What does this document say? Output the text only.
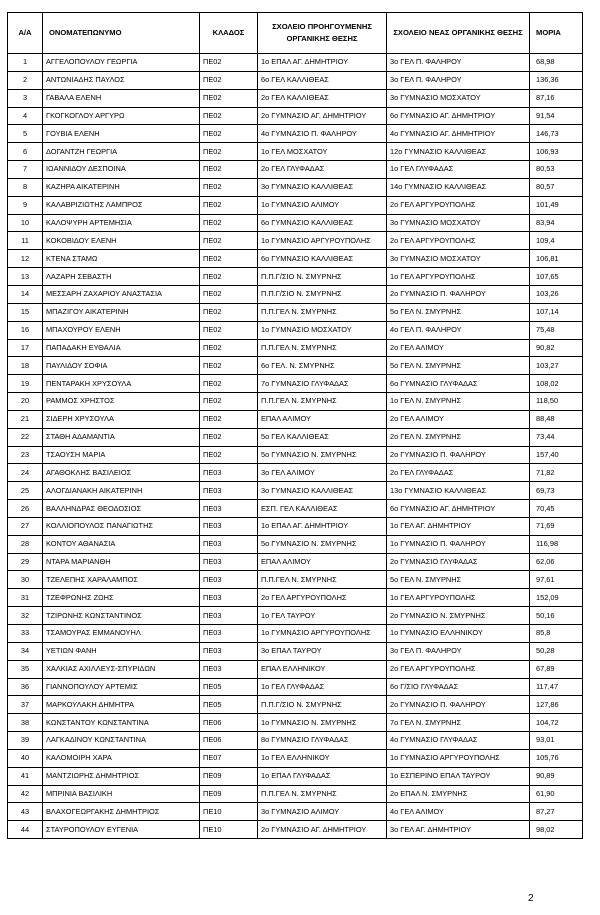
Α/Α	ΟΝΟΜΑΤΕΠΩΝΥΜΟ	ΚΛΑΔΟΣ	ΣΧΟΛΕΙΟ ΠΡΟΗΓΟΥΜΕΝΗΣ ΟΡΓΑΝΙΚΗΣ ΘΕΣΗΣ	ΣΧΟΛΕΙΟ ΝΕΑΣ ΟΡΓΑΝΙΚΗΣ ΘΕΣΗΣ	ΜΟΡΙΑ
1	ΑΓΓΕΛΟΠΟΥΛΟΥ ΓΕΩΡΓΙΑ	ΠΕ02	1ο ΕΠΑΛ ΑΓ. ΔΗΜΗΤΡΙΟΥ	3ο ΓΕΛ Π. ΦΑΛΗΡΟΥ	68,98
2	ΑΝΤΩΝΙΑΔΗΣ ΠΑΥΛΟΣ	ΠΕ02	6ο ΓΕΛ ΚΑΛΛΙΘΕΑΣ	3ο ΓΕΛ Π. ΦΑΛΗΡΟΥ	136,36
3	ΓΑΒΑΛΑ ΕΛΕΝΗ	ΠΕ02	2ο ΓΕΛ ΚΑΛΛΙΘΕΑΣ	3ο ΓΥΜΝΑΣΙΟ ΜΟΣΧΑΤΟΥ	87,16
4	ΓΚΟΓΚΟΓΛΟΥ ΑΡΓΥΡΩ	ΠΕ02	2ο ΓΥΜΝΑΣΙΟ ΑΓ. ΔΗΜΗΤΡΙΟΥ	6ο ΓΥΜΝΑΣΙΟ ΑΓ. ΔΗΜΗΤΡΙΟΥ	91,54
5	ΓΟΥΒΙΑ ΕΛΕΝΗ	ΠΕ02	4ο ΓΥΜΝΑΣΙΟ Π. ΦΑΛΗΡΟΥ	4ο ΓΥΜΝΑΣΙΟ ΑΓ. ΔΗΜΗΤΡΙΟΥ	146,73
6	ΔΟΓΑΝΤΖΗ ΓΕΩΡΓΙΑ	ΠΕ02	1ο ΓΕΛ ΜΟΣΧΑΤΟΥ	12ο ΓΥΜΝΑΣΙΟ ΚΑΛΛΙΘΕΑΣ	106,93
7	ΙΩΑΝΝΙΔΟΥ ΔΕΣΠΟΙΝΑ	ΠΕ02	2ο ΓΕΛ ΓΛΥΦΑΔΑΣ	1ο ΓΕΛ ΓΛΥΦΑΔΑΣ	80,53
8	ΚΑΖΗΡΑ ΑΙΚΑΤΕΡΙΝΗ	ΠΕ02	3ο ΓΥΜΝΑΣΙΟ ΚΑΛΛΙΘΕΑΣ	14ο ΓΥΜΝΑΣΙΟ ΚΑΛΛΙΘΕΑΣ	80,57
9	ΚΑΛΑΒΡΙΖΙΩΤΗΣ ΛΑΜΠΡΟΣ	ΠΕ02	1ο ΓΥΜΝΑΣΙΟ ΑΛΙΜΟΥ	2ο ΓΕΛ ΑΡΓΥΡΟΥΠΟΛΗΣ	101,49
10	ΚΑΛΟΨΥΡΗ ΑΡΤΕΜΗΣΙΑ	ΠΕ02	6ο ΓΥΜΝΑΣΙΟ ΚΑΛΛΙΘΕΑΣ	3ο ΓΥΜΝΑΣΙΟ ΜΟΣΧΑΤΟΥ	83,94
11	ΚΟΚΟΒΙΔΟΥ ΕΛΕΝΗ	ΠΕ02	1ο ΓΥΜΝΑΣΙΟ ΑΡΓΥΡΟΥΠΟΛΗΣ	2ο ΓΕΛ ΑΡΓΥΡΟΥΠΟΛΗΣ	109,4
12	ΚΤΕΝΑ ΣΤΑΜΩ	ΠΕ02	6ο ΓΥΜΝΑΣΙΟ ΚΑΛΛΙΘΕΑΣ	3ο ΓΥΜΝΑΣΙΟ ΜΟΣΧΑΤΟΥ	106,81
13	ΛΑΖΑΡΗ ΣΕΒΑΣΤΗ	ΠΕ02	Π.Π.Γ/ΣΙΟ Ν. ΣΜΥΡΝΗΣ	1ο ΓΕΛ ΑΡΓΥΡΟΥΠΟΛΗΣ	107,65
14	ΜΕΣΣΑΡΗ ΖΑΧΑΡΙΟΥ ΑΝΑΣΤΑΣΙΑ	ΠΕ02	Π.Π.Γ/ΣΙΟ Ν. ΣΜΥΡΝΗΣ	2ο ΓΥΜΝΑΣΙΟ Π. ΦΑΛΗΡΟΥ	103,26
15	ΜΠΑΖΙΓΟΥ ΑΙΚΑΤΕΡΙΝΗ	ΠΕ02	Π.Π.ΓΕΛ Ν. ΣΜΥΡΝΗΣ	5ο ΓΕΛ Ν. ΣΜΥΡΝΗΣ	107,14
16	ΜΠΑΧΟΥΡΟΥ ΕΛΕΝΗ	ΠΕ02	1ο ΓΥΜΝΑΣΙΟ ΜΟΣΧΑΤΟΥ	4ο ΓΕΛ Π. ΦΑΛΗΡΟΥ	75,48
17	ΠΑΠΑΔΑΚΗ ΕΥΘΑΛΙΑ	ΠΕ02	Π.Π.ΓΕΛ Ν. ΣΜΥΡΝΗΣ	2ο ΓΕΛ ΑΛΙΜΟΥ	90,82
18	ΠΑΥΛΙΔΟΥ ΣΟΦΙΑ	ΠΕ02	6ο ΓΕΛ. Ν. ΣΜΥΡΝΗΣ	5ο ΓΕΛ Ν. ΣΜΥΡΝΗΣ	103,27
19	ΠΕΝΤΑΡΑΚΗ ΧΡΥΣΟΥΛΑ	ΠΕ02	7ο ΓΥΜΝΑΣΙΟ ΓΛΥΦΑΔΑΣ	6ο ΓΥΜΝΑΣΙΟ ΓΛΥΦΑΔΑΣ	108,02
20	ΡΑΜΜΟΣ ΧΡΗΣΤΟΣ	ΠΕ02	Π.Π.ΓΕΛ Ν. ΣΜΥΡΝΗΣ	1ο ΓΕΛ Ν. ΣΜΥΡΝΗΣ	118,50
21	ΣΙΔΕΡΗ ΧΡΥΣΟΥΛΑ	ΠΕ02	ΕΠΑΛ ΑΛΙΜΟΥ	2ο ΓΕΛ ΑΛΙΜΟΥ	88,48
22	ΣΤΑΘΗ ΑΔΑΜΑΝΤΙΑ	ΠΕ02	5ο ΓΕΛ ΚΑΛΛΙΘΕΑΣ	2ο ΓΕΛ Ν. ΣΜΥΡΝΗΣ	73,44
23	ΤΣΑΟΥΣΗ ΜΑΡΙΑ	ΠΕ02	5ο ΓΥΜΝΑΣΙΟ Ν. ΣΜΥΡΝΗΣ	2ο ΓΥΜΝΑΣΙΟ Π. ΦΑΛΗΡΟΥ	157,40
24	ΑΓΑΘΟΚΛΗΣ ΒΑΣΙΛΕΙΟΣ	ΠΕ03	3ο ΓΕΛ ΑΛΙΜΟΥ	2ο ΓΕΛ ΓΛΥΦΑΔΑΣ	71,82
25	ΑΛΟΓΔΙΑΝΑΚΗ ΑΙΚΑΤΕΡΙΝΗ	ΠΕ03	3ο ΓΥΜΝΑΣΙΟ ΚΑΛΛΙΘΕΑΣ	13ο ΓΥΜΝΑΣΙΟ ΚΑΛΛΙΘΕΑΣ	69,73
26	ΒΑΛΛΗΝΔΡΑΣ ΘΕΟΔΟΣΙΟΣ	ΠΕ03	ΕΣΠ. ΓΕΛ ΚΑΛΛΙΘΕΑΣ	6ο ΓΥΜΝΑΣΙΟ ΑΓ. ΔΗΜΗΤΡΙΟΥ	70,45
27	ΚΟΛΛΙΟΠΟΥΛΟΣ ΠΑΝΑΓΙΩΤΗΣ	ΠΕ03	1ο ΕΠΑΛ ΑΓ. ΔΗΜΗΤΡΙΟΥ	1ο ΓΕΛ ΑΓ. ΔΗΜΗΤΡΙΟΥ	71,69
28	ΚΟΝΤΟΥ ΑΘΑΝΑΣΙΑ	ΠΕ03	5ο ΓΥΜΝΑΣΙΟ Ν. ΣΜΥΡΝΗΣ	1ο ΓΥΜΝΑΣΙΟ Π. ΦΑΛΗΡΟΥ	116,98
29	ΝΤΑΡΑ ΜΑΡΙΑΝΘΗ	ΠΕ03	ΕΠΑΛ ΑΛΙΜΟΥ	2ο ΓΥΜΝΑΣΙΟ ΓΛΥΦΑΔΑΣ	62,06
30	ΤΖΕΛΕΠΗΣ ΧΑΡΑΛΑΜΠΟΣ	ΠΕ03	Π.Π.ΓΕΛ Ν. ΣΜΥΡΝΗΣ	5ο ΓΕΛ Ν. ΣΜΥΡΝΗΣ	97,61
31	ΤΖΕΦΡΩΝΗΣ ΖΩΗΣ	ΠΕ03	2ο ΓΕΛ ΑΡΓΥΡΟΥΠΟΛΗΣ	1ο ΓΕΛ ΑΡΓΥΡΟΥΠΟΛΗΣ	152,09
32	ΤΖΙΡΩΝΗΣ ΚΩΝΣΤΑΝΤΙΝΟΣ	ΠΕ03	1ο ΓΕΛ ΤΑΥΡΟΥ	2ο ΓΥΜΝΑΣΙΟ Ν. ΣΜΥΡΝΗΣ	50,16
33	ΤΣΑΜΟΥΡΑΣ ΕΜΜΑΝΟΥΗΛ	ΠΕ03	1ο ΓΥΜΝΑΣΙΟ ΑΡΓΥΡΟΥΠΟΛΗΣ	1ο ΓΥΜΝΑΣΙΟ ΕΛΛΗΝΙΚΟΥ	85,8
34	ΥΕΤΙΩΝ ΦΑΝΗ	ΠΕ03	3ο ΕΠΑΛ ΤΑΥΡΟΥ	3ο ΓΕΛ Π. ΦΑΛΗΡΟΥ	50,28
35	ΧΑΛΚΙΑΣ ΑΧΙΛΛΕΥΣ-ΣΠΥΡΙΔΩΝ	ΠΕ03	ΕΠΑΛ ΕΛΛΗΝΙΚΟΥ	2ο ΓΕΛ ΑΡΓΥΡΟΥΠΟΛΗΣ	67,89
36	ΓΙΑΝΝΟΠΟΥΛΟΥ ΑΡΤΕΜΙΣ	ΠΕ05	1ο ΓΕΛ ΓΛΥΦΑΔΑΣ	6ο Γ/ΣΙΟ ΓΛΥΦΑΔΑΣ	117,47
37	ΜΑΡΚΟΥΛΑΚΗ ΔΗΜΗΤΡΑ	ΠΕ05	Π.Π.Γ/ΣΙΟ Ν. ΣΜΥΡΝΗΣ	2ο ΓΥΜΝΑΣΙΟ Π. ΦΑΛΗΡΟΥ	127,86
38	ΚΩΝΣΤΑΝΤΟΥ ΚΩΝΣΤΑΝΤΙΝΑ	ΠΕ06	1ο ΓΥΜΝΑΣΙΟ Ν. ΣΜΥΡΝΗΣ	7ο ΓΕΛ Ν. ΣΜΥΡΝΗΣ	104,72
39	ΛΑΓΚΑΔΙΝΟΥ ΚΩΝΣΤΑΝΤΙΝΑ	ΠΕ06	8ο ΓΥΜΝΑΣΙΟ ΓΛΥΦΑΔΑΣ	4ο ΓΥΜΝΑΣΙΟ ΓΛΥΦΑΔΑΣ	93,01
40	ΚΑΛΟΜΟΙΡΗ ΧΑΡΑ	ΠΕ07	1ο ΓΕΛ ΕΛΛΗΝΙΚΟΥ	1ο ΓΥΜΝΑΣΙΟ ΑΡΓΥΡΟΥΠΟΛΗΣ	105,76
41	ΜΑΝΤΖΙΩΡΗΣ ΔΗΜΗΤΡΙΟΣ	ΠΕ09	1ο ΕΠΑΛ ΓΛΥΦΑΔΑΣ	1ο ΕΣΠΕΡΙΝΟ ΕΠΑΛ ΤΑΥΡΟΥ	90,89
42	ΜΠΡΙΝΙΑ ΒΑΣΙΛΙΚΗ	ΠΕ09	Π.Π.ΓΕΛ Ν. ΣΜΥΡΝΗΣ	2ο ΕΠΑΛ Ν. ΣΜΥΡΝΗΣ	61,90
43	ΒΛΑΧΟΓΕΩΡΓΑΚΗΣ ΔΗΜΗΤΡΙΟΣ	ΠΕ10	3ο ΓΥΜΝΑΣΙΟ ΑΛΙΜΟΥ	4ο ΓΕΛ ΑΛΙΜΟΥ	87,27
44	ΣΤΑΥΡΟΠΟΥΛΟΥ ΕΥΓΕΝΙΑ	ΠΕ10	2ο ΓΥΜΝΑΣΙΟ ΑΓ. ΔΗΜΗΤΡΙΟΥ	3ο ΓΕΛ ΑΓ. ΔΗΜΗΤΡΙΟΥ	98,02
2
